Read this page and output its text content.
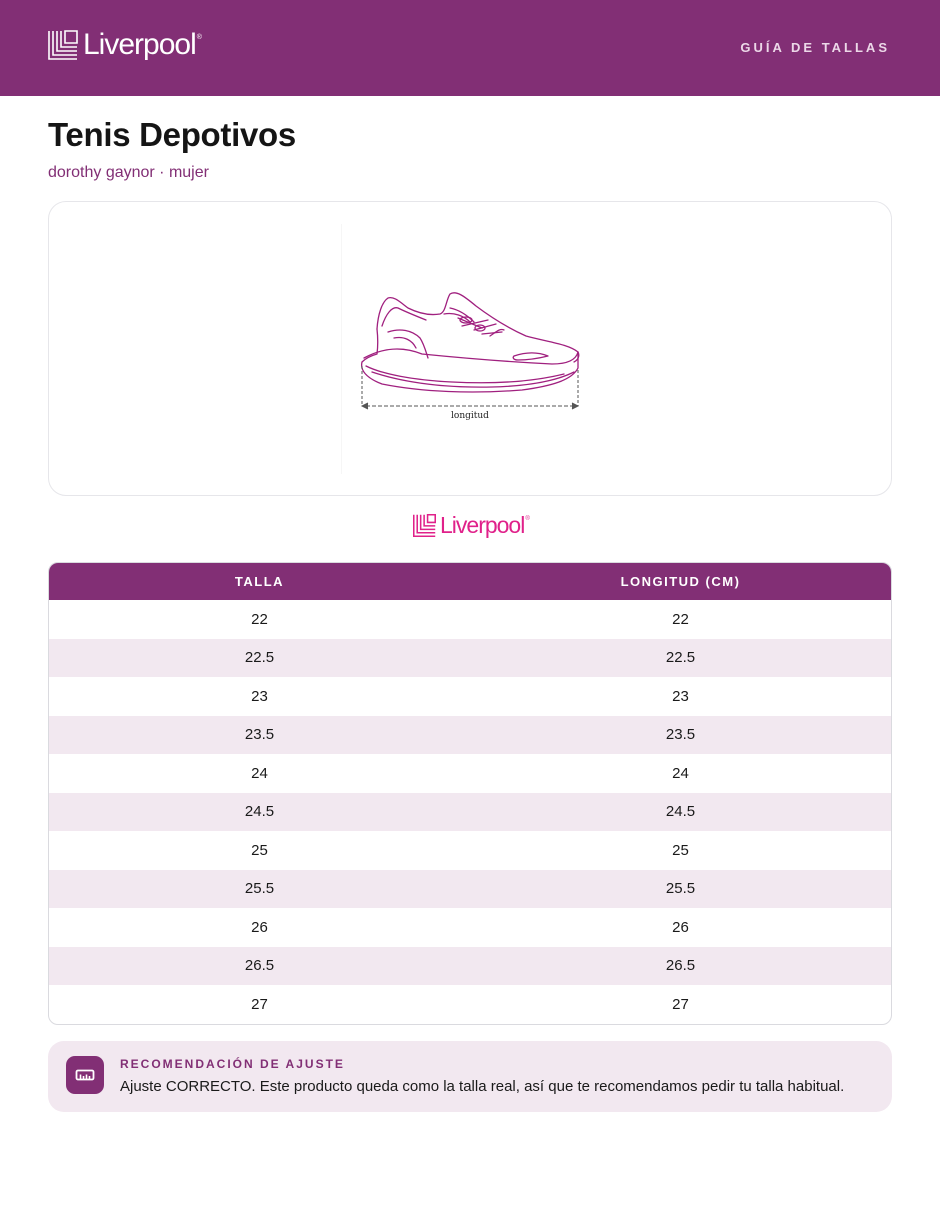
Liverpool ®
GUÍA DE TALLAS
Tenis Depotivos
dorothy gaynor · mujer
longitud
Liverpool ®
TALLA	LONGITUD (CM)
22	22
22.5	22.5
23	23
23.5	23.5
24	24
24.5	24.5
25	25
25.5	25.5
26	26
26.5	26.5
27	27
RECOMENDACIÓN DE AJUSTE
Ajuste CORRECTO. Este producto queda como la talla real, así que te recomendamos pedir tu talla habitual.
